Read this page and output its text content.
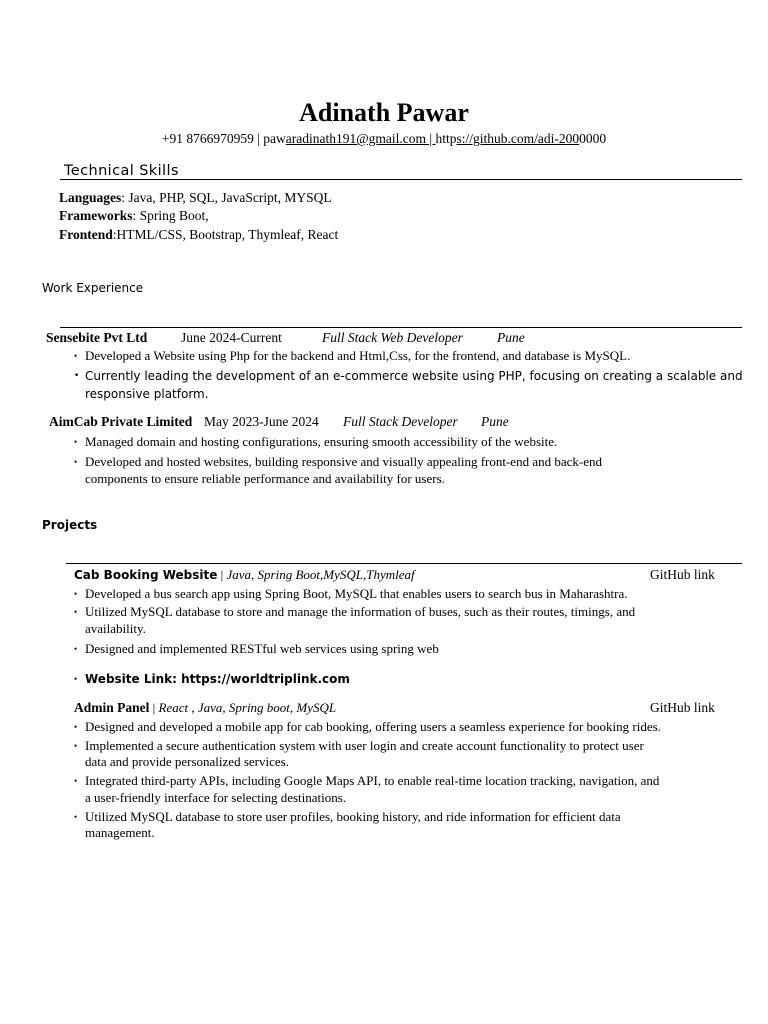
Adinath Pawar
+91 8766970959 | pawaradinath191@gmail.com | https://github.com/adi-2000000
Technical Skills
Languages: Java, PHP, SQL, JavaScript, MYSQL
Frameworks: Spring Boot,
Frontend:HTML/CSS, Bootstrap, Thymleaf, React
Work Experience
Sensebite Pvt Ltd	June 2024-Current	Full Stack Web Developer	Pune
• Developed a Website using Php for the backend and Html,Css, for the frontend, and database is MySQL.
• Currently leading the development of an e-commerce website using PHP, focusing on creating a scalable and
responsive platform.
AimCab Private Limited May 2023-June 2024 Full Stack Developer Pune
• Managed domain and hosting configurations, ensuring smooth accessibility of the website.
• Developed and hosted websites, building responsive and visually appealing front-end and back-end
components to ensure reliable performance and availability for users.
Projects
Cab Booking Website | Java, Spring Boot,MySQL,Thymleaf	GitHub link
• Developed a bus search app using Spring Boot, MySQL that enables users to search bus in Maharashtra.
• Utilized MySQL database to store and manage the information of buses, such as their routes, timings, and
availability.
• Designed and implemented RESTful web services using spring web
• Website Link: https://worldtriplink.com
Admin Panel | React , Java, Spring boot, MySQL	GitHub link
• Designed and developed a mobile app for cab booking, offering users a seamless experience for booking rides.
• Implemented a secure authentication system with user login and create account functionality to protect user
data and provide personalized services.
• Integrated third-party APIs, including Google Maps API, to enable real-time location tracking, navigation, and
a user-friendly interface for selecting destinations.
• Utilized MySQL database to store user profiles, booking history, and ride information for efficient data
management.
